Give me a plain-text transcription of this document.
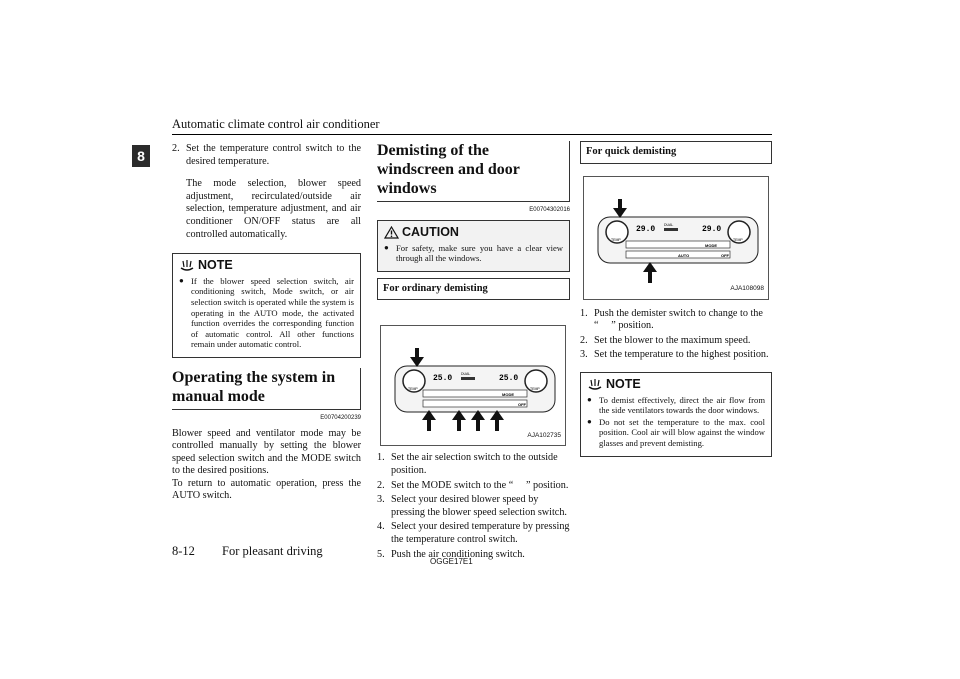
Automatic climate control air conditioner
8	2. Set the temperature control switch to the desired temperature.

The mode selection, blower speed adjustment, recirculated/outside air selection, temperature adjustment, and air conditioner ON/OFF status are all controlled automatically.

NOTE
● If the blower speed selection switch, air conditioning switch, Mode switch, or air selection switch is operated while the system is operating in the AUTO mode, the activated function overrides the corresponding function of automatic control. All other functions remain under automatic control.
Operating the system in manual mode
E00704200239

Blower speed and ventilator mode may be controlled manually by setting the blower speed selection switch and the MODE switch to the desired positions.

To return to automatic operation, press the AUTO switch.

Demisting of the windscreen and door windows
E00704302016
CAUTION
● For safety, make sure you have a clear view through all the windows.
For ordinary demisting
TEMP	TEMP
25.0	25.0
DUAL
MODE
OFF
AJA102735
1. Set the air selection switch to the outside position.
2. Set the MODE switch to the “     ” position.
3. Select your desired blower speed by pressing the blower speed selection switch.
4. Select your desired temperature by pressing the temperature control switch.
5. Push the air conditioning switch.
For quick demisting
TEMP	TEMP
29.0	29.0
DUAL
MODE
AUTO	OFF
AJA108098
1. Push the demister switch to change to the “     ” position.
2. Set the blower to the maximum speed.
3. Set the temperature to the highest position.
NOTE
● To demist effectively, direct the air flow from the side ventilators towards the door windows.
● Do not set the temperature to the max. cool position. Cool air will blow against the window glasses and prevent demisting.
8-12 For pleasant driving
OGGE17E1
